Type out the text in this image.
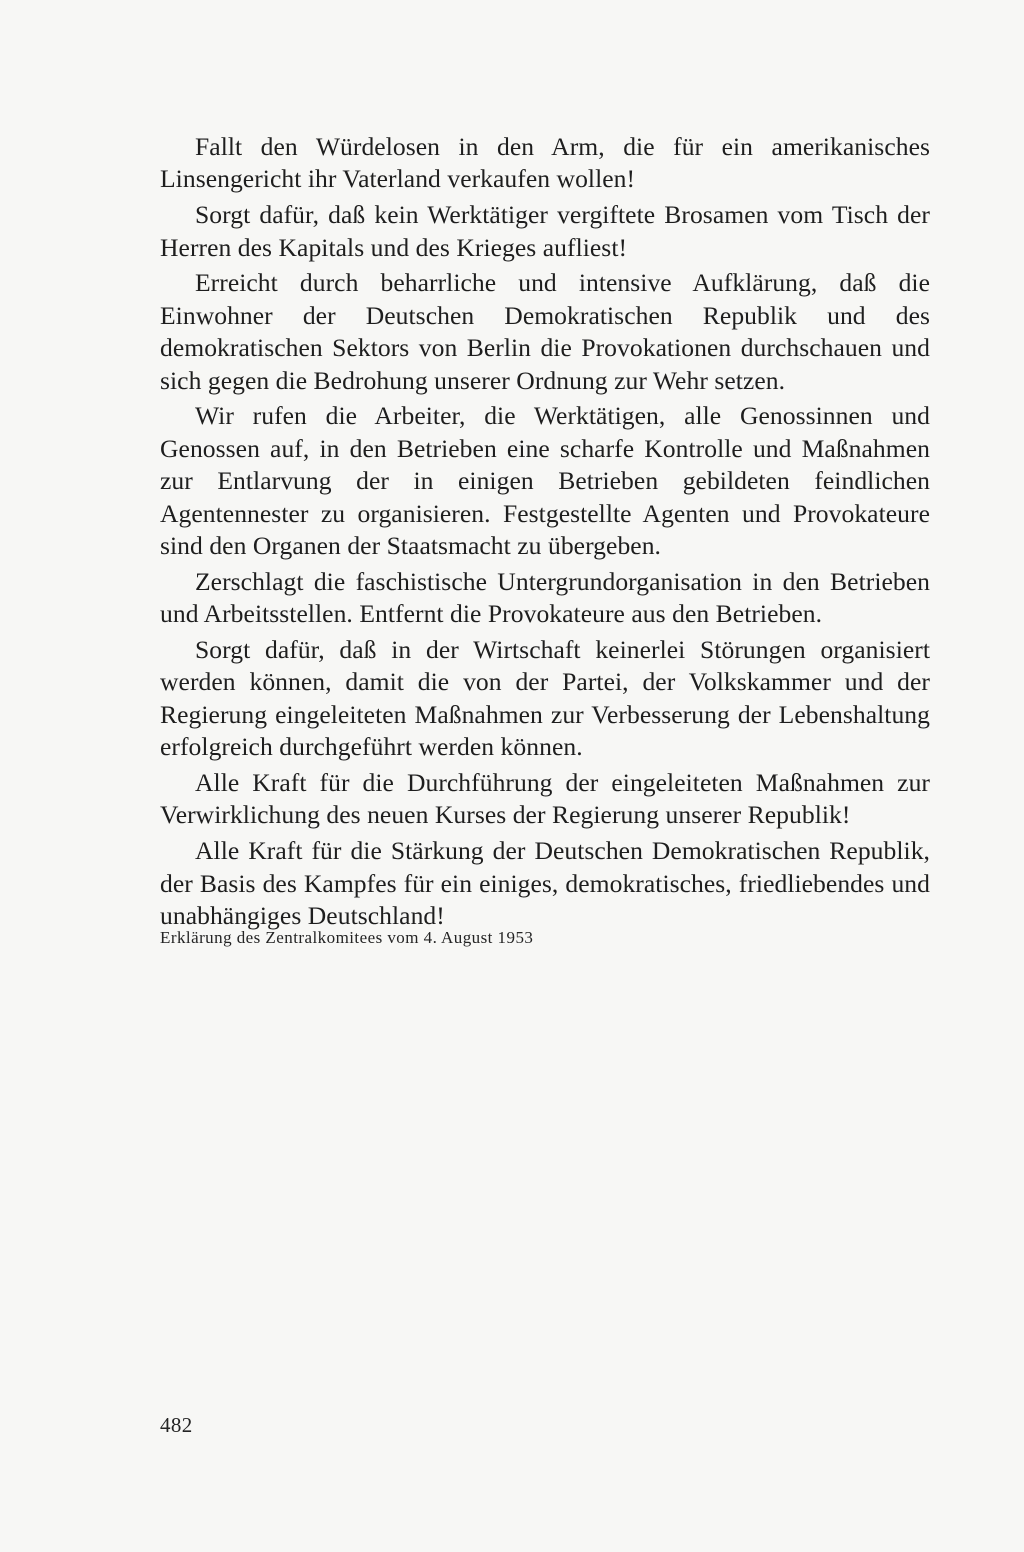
Fallt den Würdelosen in den Arm, die für ein amerikanisches Linsengericht ihr Vaterland verkaufen wollen!

Sorgt dafür, daß kein Werktätiger vergiftete Brosamen vom Tisch der Herren des Kapitals und des Krieges aufliest!

Erreicht durch beharrliche und intensive Aufklärung, daß die Einwohner der Deutschen Demokratischen Republik und des demokratischen Sektors von Berlin die Provokationen durchschauen und sich gegen die Bedrohung unserer Ordnung zur Wehr setzen.

Wir rufen die Arbeiter, die Werktätigen, alle Genossinnen und Genossen auf, in den Betrieben eine scharfe Kontrolle und Maßnahmen zur Entlarvung der in einigen Betrieben gebildeten feindlichen Agentennester zu organisieren. Festgestellte Agenten und Provokateure sind den Organen der Staatsmacht zu übergeben.

Zerschlagt die faschistische Untergrundorganisation in den Betrieben und Arbeitsstellen. Entfernt die Provokateure aus den Betrieben.

Sorgt dafür, daß in der Wirtschaft keinerlei Störungen organisiert werden können, damit die von der Partei, der Volkskammer und der Regierung eingeleiteten Maßnahmen zur Verbesserung der Lebenshaltung erfolgreich durchgeführt werden können.

Alle Kraft für die Durchführung der eingeleiteten Maßnahmen zur Verwirklichung des neuen Kurses der Regierung unserer Republik!

Alle Kraft für die Stärkung der Deutschen Demokratischen Republik, der Basis des Kampfes für ein einiges, demokratisches, friedliebendes und unabhängiges Deutschland!

Erklärung des Zentralkomitees vom 4. August 1953
482
